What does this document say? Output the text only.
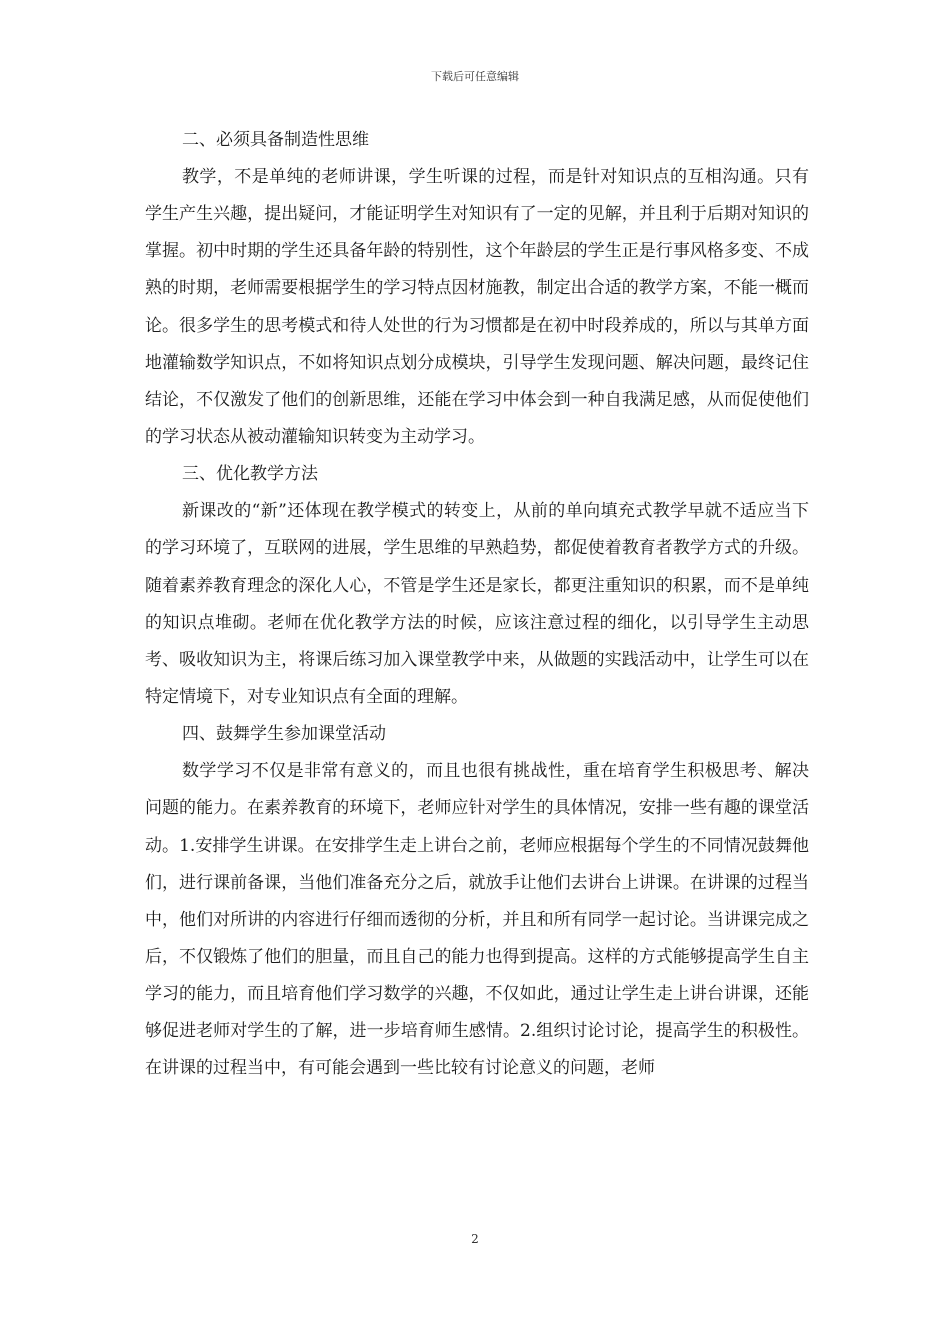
下载后可任意编辑

二、必须具备制造性思维

教学，不是单纯的老师讲课，学生听课的过程，而是针对知识点的互相沟通。只有学生产生兴趣，提出疑问，才能证明学生对知识有了一定的见解，并且利于后期对知识的掌握。初中时期的学生还具备年龄的特别性，这个年龄层的学生正是行事风格多变、不成熟的时期，老师需要根据学生的学习特点因材施教，制定出合适的教学方案，不能一概而论。很多学生的思考模式和待人处世的行为习惯都是在初中时段养成的，所以与其单方面地灌输数学知识点，不如将知识点划分成模块，引导学生发现问题、解决问题，最终记住结论，不仅激发了他们的创新思维，还能在学习中体会到一种自我满足感，从而促使他们的学习状态从被动灌输知识转变为主动学习。

三、优化教学方法

新课改的“新”还体现在教学模式的转变上，从前的单向填充式教学早就不适应当下的学习环境了，互联网的进展，学生思维的早熟趋势，都促使着教育者教学方式的升级。随着素养教育理念的深化人心，不管是学生还是家长，都更注重知识的积累，而不是单纯的知识点堆砌。老师在优化教学方法的时候，应该注意过程的细化，以引导学生主动思考、吸收知识为主，将课后练习加入课堂教学中来，从做题的实践活动中，让学生可以在特定情境下，对专业知识点有全面的理解。

四、鼓舞学生参加课堂活动

数学学习不仅是非常有意义的，而且也很有挑战性，重在培育学生积极思考、解决问题的能力。在素养教育的环境下，老师应针对学生的具体情况，安排一些有趣的课堂活动。1.安排学生讲课。在安排学生走上讲台之前，老师应根据每个学生的不同情况鼓舞他们，进行课前备课，当他们准备充分之后，就放手让他们去讲台上讲课。在讲课的过程当中，他们对所讲的内容进行仔细而透彻的分析，并且和所有同学一起讨论。当讲课完成之后，不仅锻炼了他们的胆量，而且自己的能力也得到提高。这样的方式能够提高学生自主学习的能力，而且培育他们学习数学的兴趣，不仅如此，通过让学生走上讲台讲课，还能够促进老师对学生的了解，进一步培育师生感情。2.组织讨论讨论，提高学生的积极性。在讲课的过程当中，有可能会遇到一些比较有讨论意义的问题，老师

2
